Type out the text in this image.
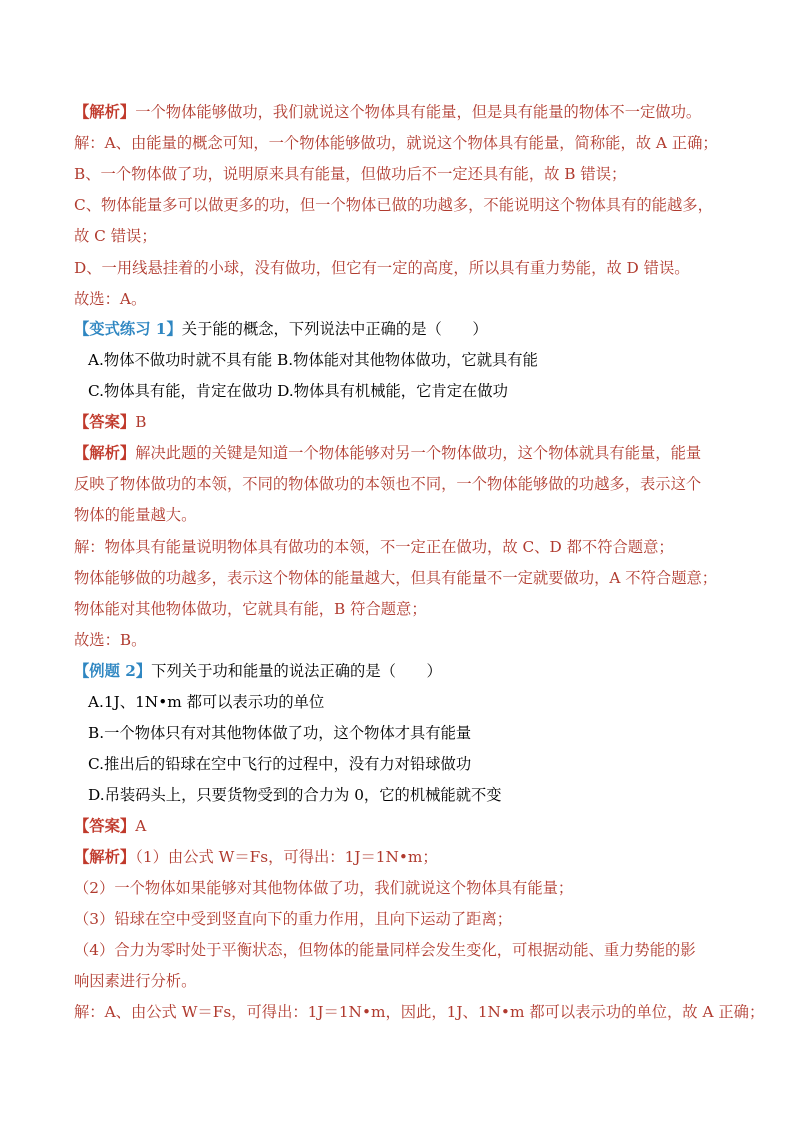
【解析】一个物体能够做功，我们就说这个物体具有能量，但是具有能量的物体不一定做功。
解：A、由能量的概念可知，一个物体能够做功，就说这个物体具有能量，简称能，故 A 正确；
B、一个物体做了功，说明原来具有能量，但做功后不一定还具有能，故 B 错误；
C、物体能量多可以做更多的功，但一个物体已做的功越多，不能说明这个物体具有的能越多，
故 C 错误；
D、一用线悬挂着的小球，没有做功，但它有一定的高度，所以具有重力势能，故 D 错误。
故选：A。
【变式练习 1】关于能的概念，下列说法中正确的是（　　）
A.物体不做功时就不具有能 B.物体能对其他物体做功，它就具有能
C.物体具有能，肯定在做功 D.物体具有机械能，它肯定在做功
【答案】B
【解析】解决此题的关键是知道一个物体能够对另一个物体做功，这个物体就具有能量，能量
反映了物体做功的本领，不同的物体做功的本领也不同，一个物体能够做的功越多，表示这个
物体的能量越大。
解：物体具有能量说明物体具有做功的本领，不一定正在做功，故 C、D 都不符合题意；
物体能够做的功越多，表示这个物体的能量越大，但具有能量不一定就要做功，A 不符合题意；
物体能对其他物体做功，它就具有能，B 符合题意；
故选：B。
【例题 2】下列关于功和能量的说法正确的是（　　）
A.1J、1N•m 都可以表示功的单位
B.一个物体只有对其他物体做了功，这个物体才具有能量
C.推出后的铅球在空中飞行的过程中，没有力对铅球做功
D.吊装码头上，只要货物受到的合力为 0，它的机械能就不变
【答案】A
【解析】（1）由公式 W＝Fs，可得出：1J＝1N•m；
（2）一个物体如果能够对其他物体做了功，我们就说这个物体具有能量；
（3）铅球在空中受到竖直向下的重力作用，且向下运动了距离；
（4）合力为零时处于平衡状态，但物体的能量同样会发生变化，可根据动能、重力势能的影
响因素进行分析。
解：A、由公式 W＝Fs，可得出：1J＝1N•m，因此，1J、1N•m 都可以表示功的单位，故 A 正确；
